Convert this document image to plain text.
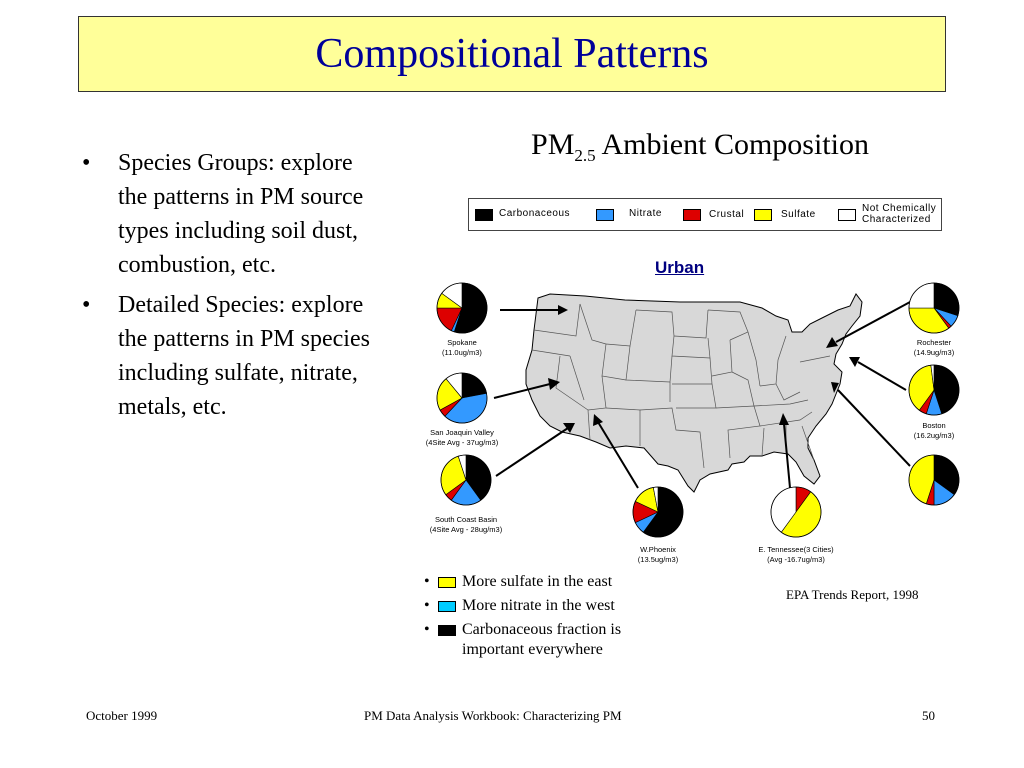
Compositional Patterns
•	Species Groups: explore the patterns in PM source types including soil dust, combustion, etc.
•	Detailed Species: explore the patterns in PM species including sulfate, nitrate, metals, etc.
$PM_{2.5}$ Ambient Composition
Carbonaceous	Nitrate	Crustal	Sulfate
Not Chemically Characterized
Urban
Spokane
(11.0ug/m3)
San Joaquin Valley
(4Site Avg - 37ug/m3)
South Coast Basin
(4Site Avg - 28ug/m3)
W.Phoenix
(13.5ug/m3)
E. Tennessee(3 Cities)
(Avg -16.7ug/m3)
Rochester
(14.9ug/m3)
Boston
(16.2ug/m3)
•	More sulfate in the east
•	More nitrate in the west
•	Carbonaceous fraction is important everywhere
EPA Trends Report, 1998
October 1999	PM Data Analysis Workbook: Characterizing PM	50
